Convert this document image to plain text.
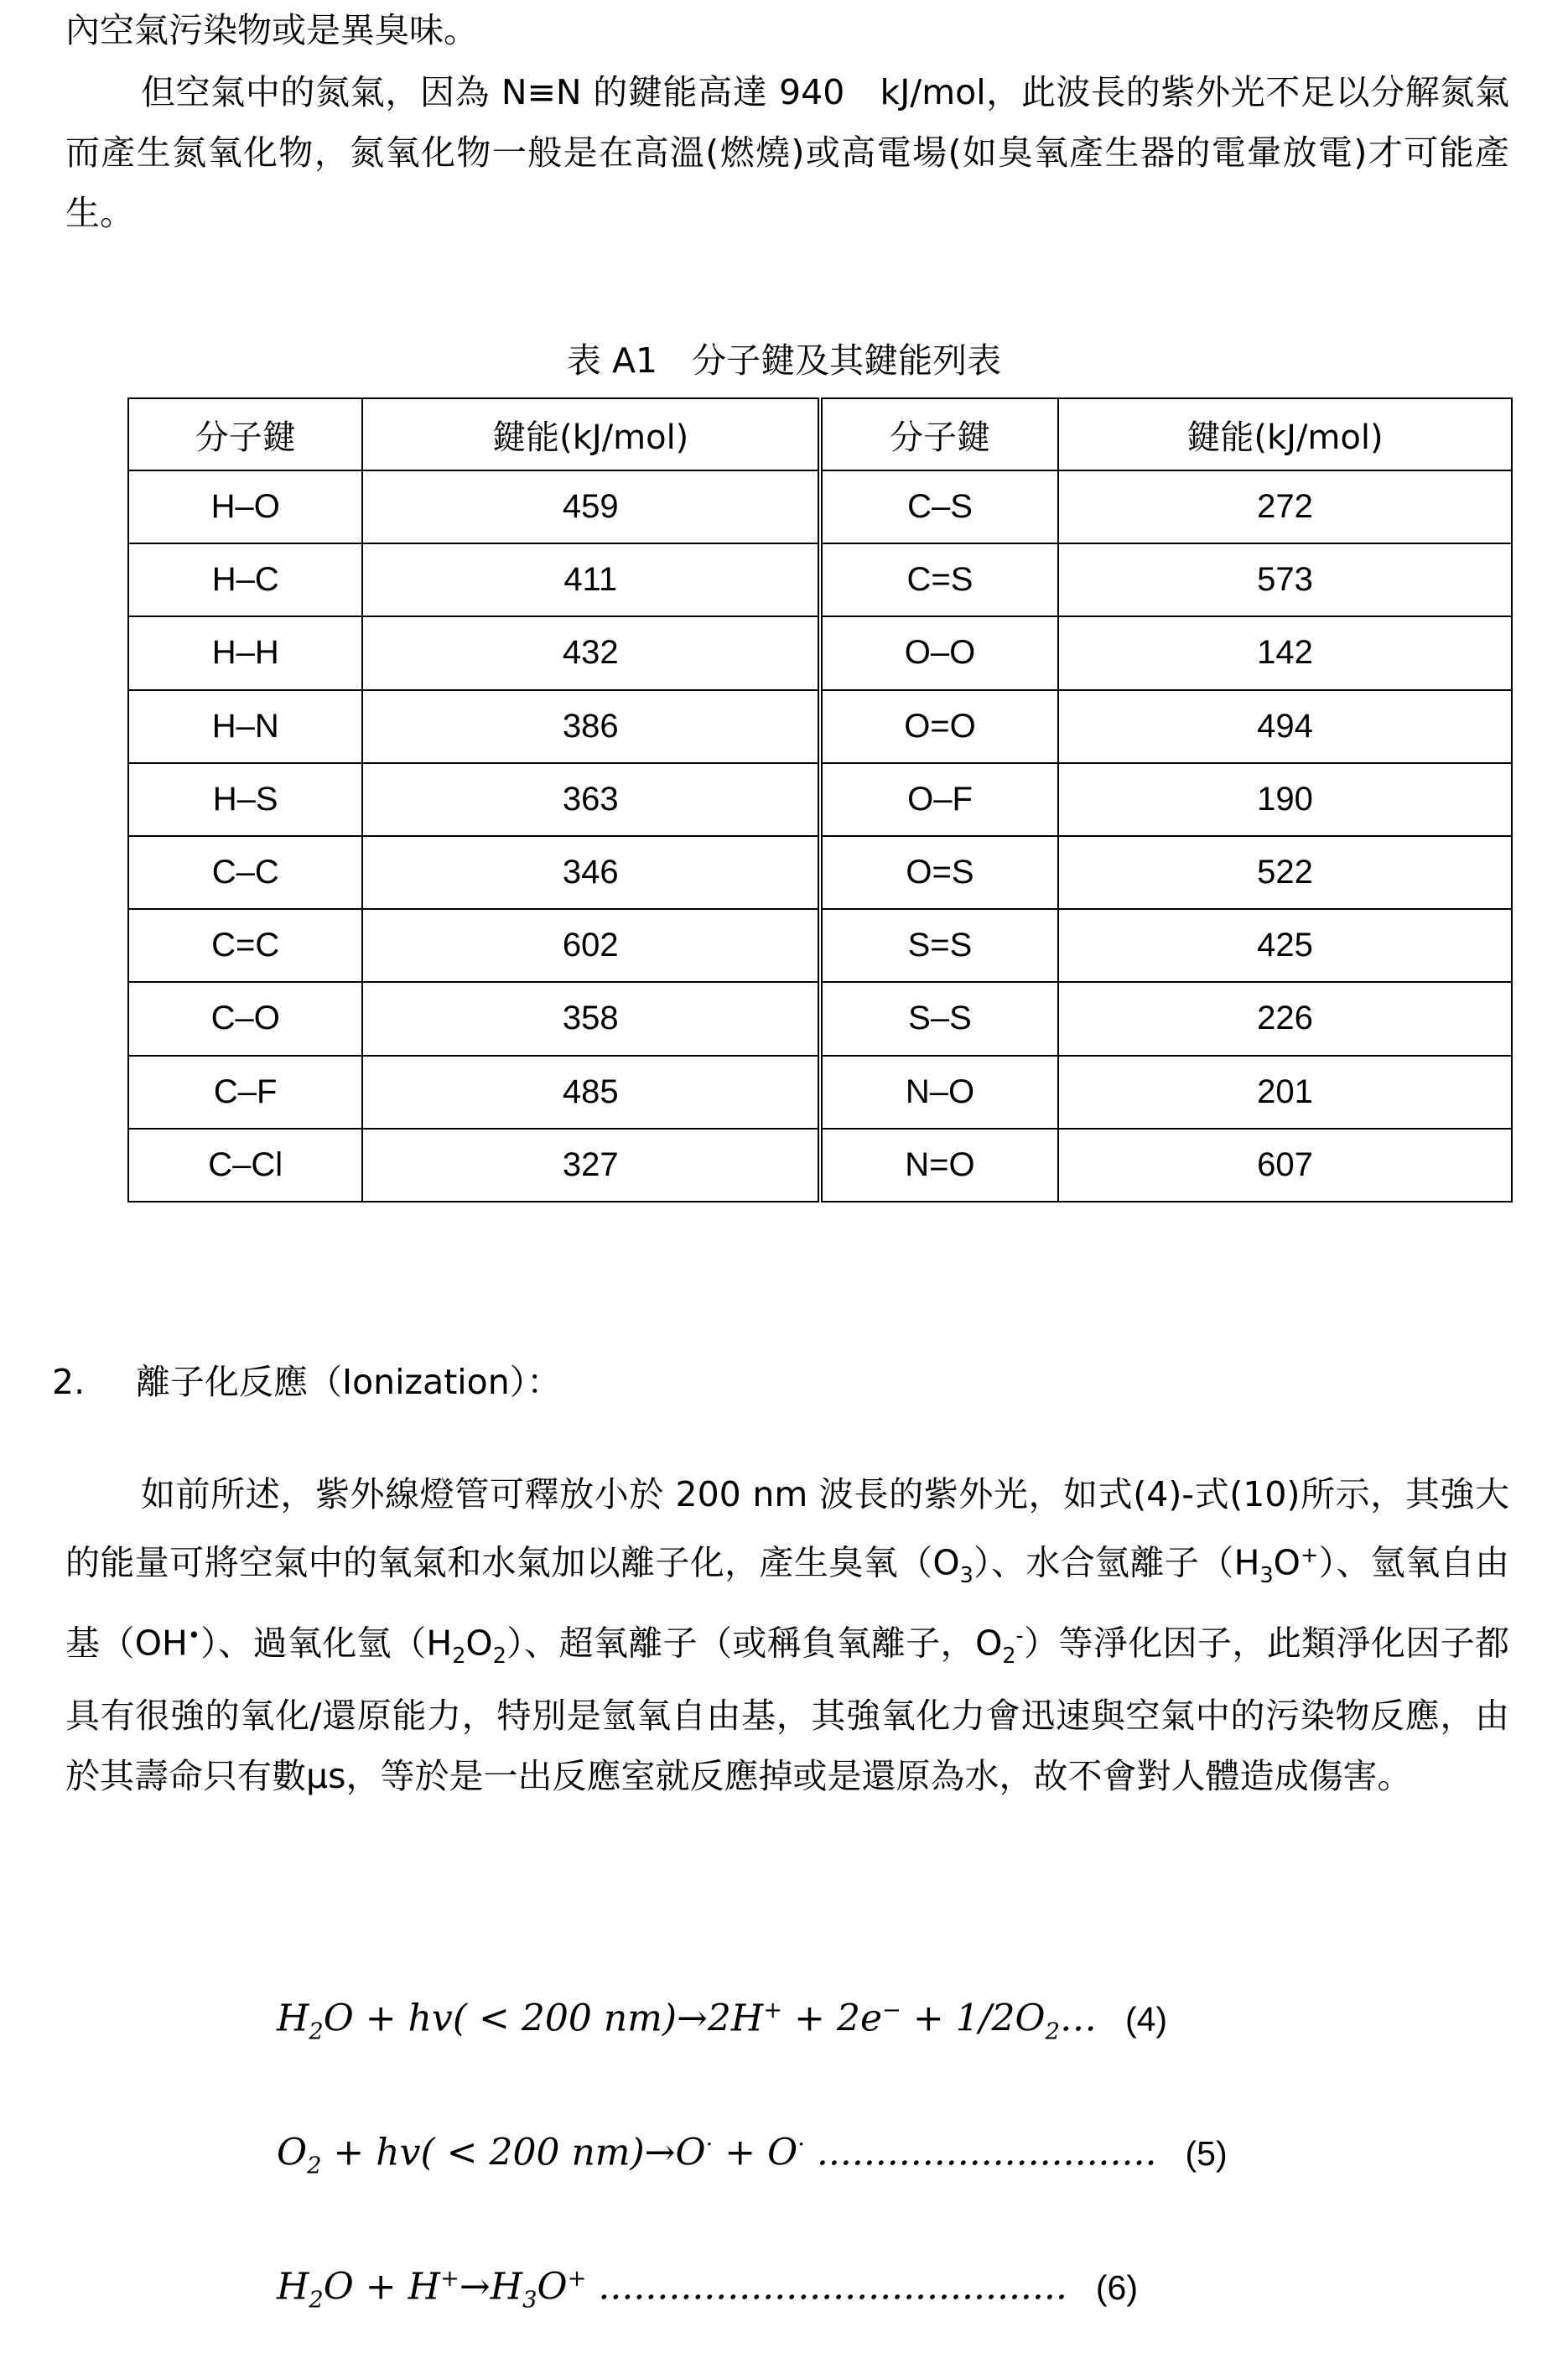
內空氣污染物或是異臭味。

但空氣中的氮氣，因為 N≡N 的鍵能高達 940　kJ/mol，此波長的紫外光不足以分解氮氣而產生氮氧化物，氮氧化物一般是在高溫(燃燒)或高電場(如臭氧產生器的電暈放電)才可能產生。

表 A1　分子鍵及其鍵能列表
分子鍵	鍵能(kJ/mol)	分子鍵	鍵能(kJ/mol)
H–O	459	C–S	272
H–C	411	C=S	573
H–H	432	O–O	142
H–N	386	O=O	494
H–S	363	O–F	190
C–C	346	O=S	522
C=C	602	S=S	425
C–O	358	S–S	226
C–F	485	N–O	201
C–Cl	327	N=O	607
2. 離子化反應（Ionization）：

如前所述，紫外線燈管可釋放小於 200 nm 波長的紫外光，如式(4)-式(10)所示，其強大的能量可將空氣中的氧氣和水氣加以離子化，產生臭氧$(O_3)$、水合氫離子$(H_3O^+)$、氫氧自由基（OH•）、過氧化氫$(H_2O_2)$、超氧離子（或稱負氧離子，$O_2^-$）等淨化因子，此類淨化因子都具有很強的氧化/還原能力，特別是氫氧自由基，其強氧化力會迅速與空氣中的污染物反應，由於其壽命只有數μs，等於是一出反應室就反應掉或是還原為水，故不會對人體造成傷害。

$H_2O + hv( < 200$ $nm)\to 2H^+ + 2e^- + 1/2O_2\dots$ (4)
$O_2 + hv( < 200$ nm)→O· + O· ............................. (5)
$H_2O + H^+\to H_3O^+$ ........................................ (6)
